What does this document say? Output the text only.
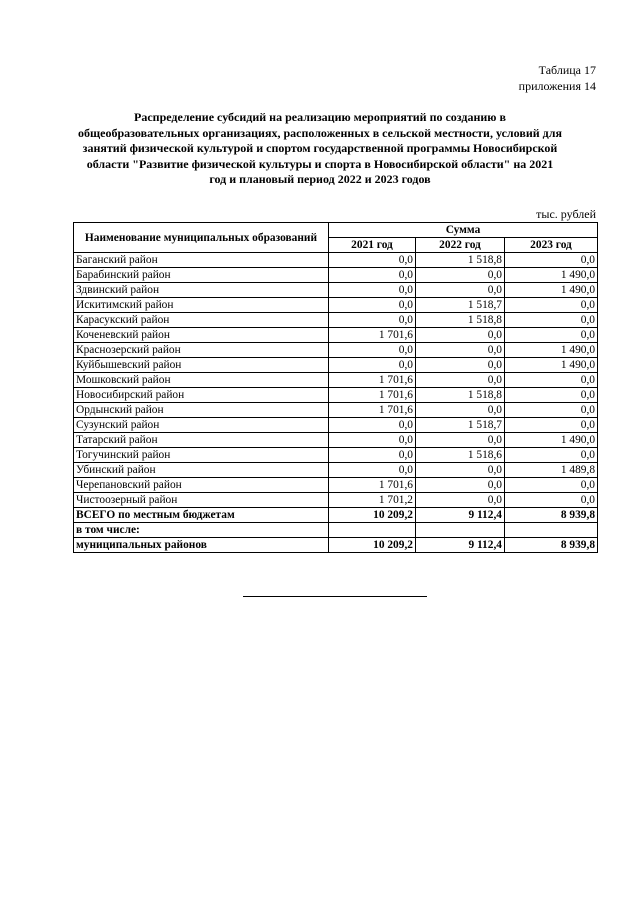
Таблица 17
приложения 14
Распределение субсидий на реализацию мероприятий по созданию в общеобразовательных организациях, расположенных в сельской местности, условий для занятий физической культурой и спортом государственной программы Новосибирской области "Развитие физической культуры и спорта в Новосибирской области" на 2021 год и плановый период 2022 и 2023 годов
тыс. рублей
Наименование муниципальных образований	Сумма		
	2021 год	2022 год	2023 год
Баганский район	0,0	1 518,8	0,0
Барабинский район	0,0	0,0	1 490,0
Здвинский район	0,0	0,0	1 490,0
Искитимский район	0,0	1 518,7	0,0
Карасукский район	0,0	1 518,8	0,0
Коченевский район	1 701,6	0,0	0,0
Краснозерский район	0,0	0,0	1 490,0
Куйбышевский район	0,0	0,0	1 490,0
Мошковский район	1 701,6	0,0	0,0
Новосибирский район	1 701,6	1 518,8	0,0
Ордынский район	1 701,6	0,0	0,0
Сузунский район	0,0	1 518,7	0,0
Татарский район	0,0	0,0	1 490,0
Тогучинский район	0,0	1 518,6	0,0
Убинский район	0,0	0,0	1 489,8
Черепановский район	1 701,6	0,0	0,0
Чистоозерный район	1 701,2	0,0	0,0
ВСЕГО по местным бюджетам	10 209,2	9 112,4	8 939,8
в том числе:			
муниципальных районов	10 209,2	9 112,4	8 939,8
